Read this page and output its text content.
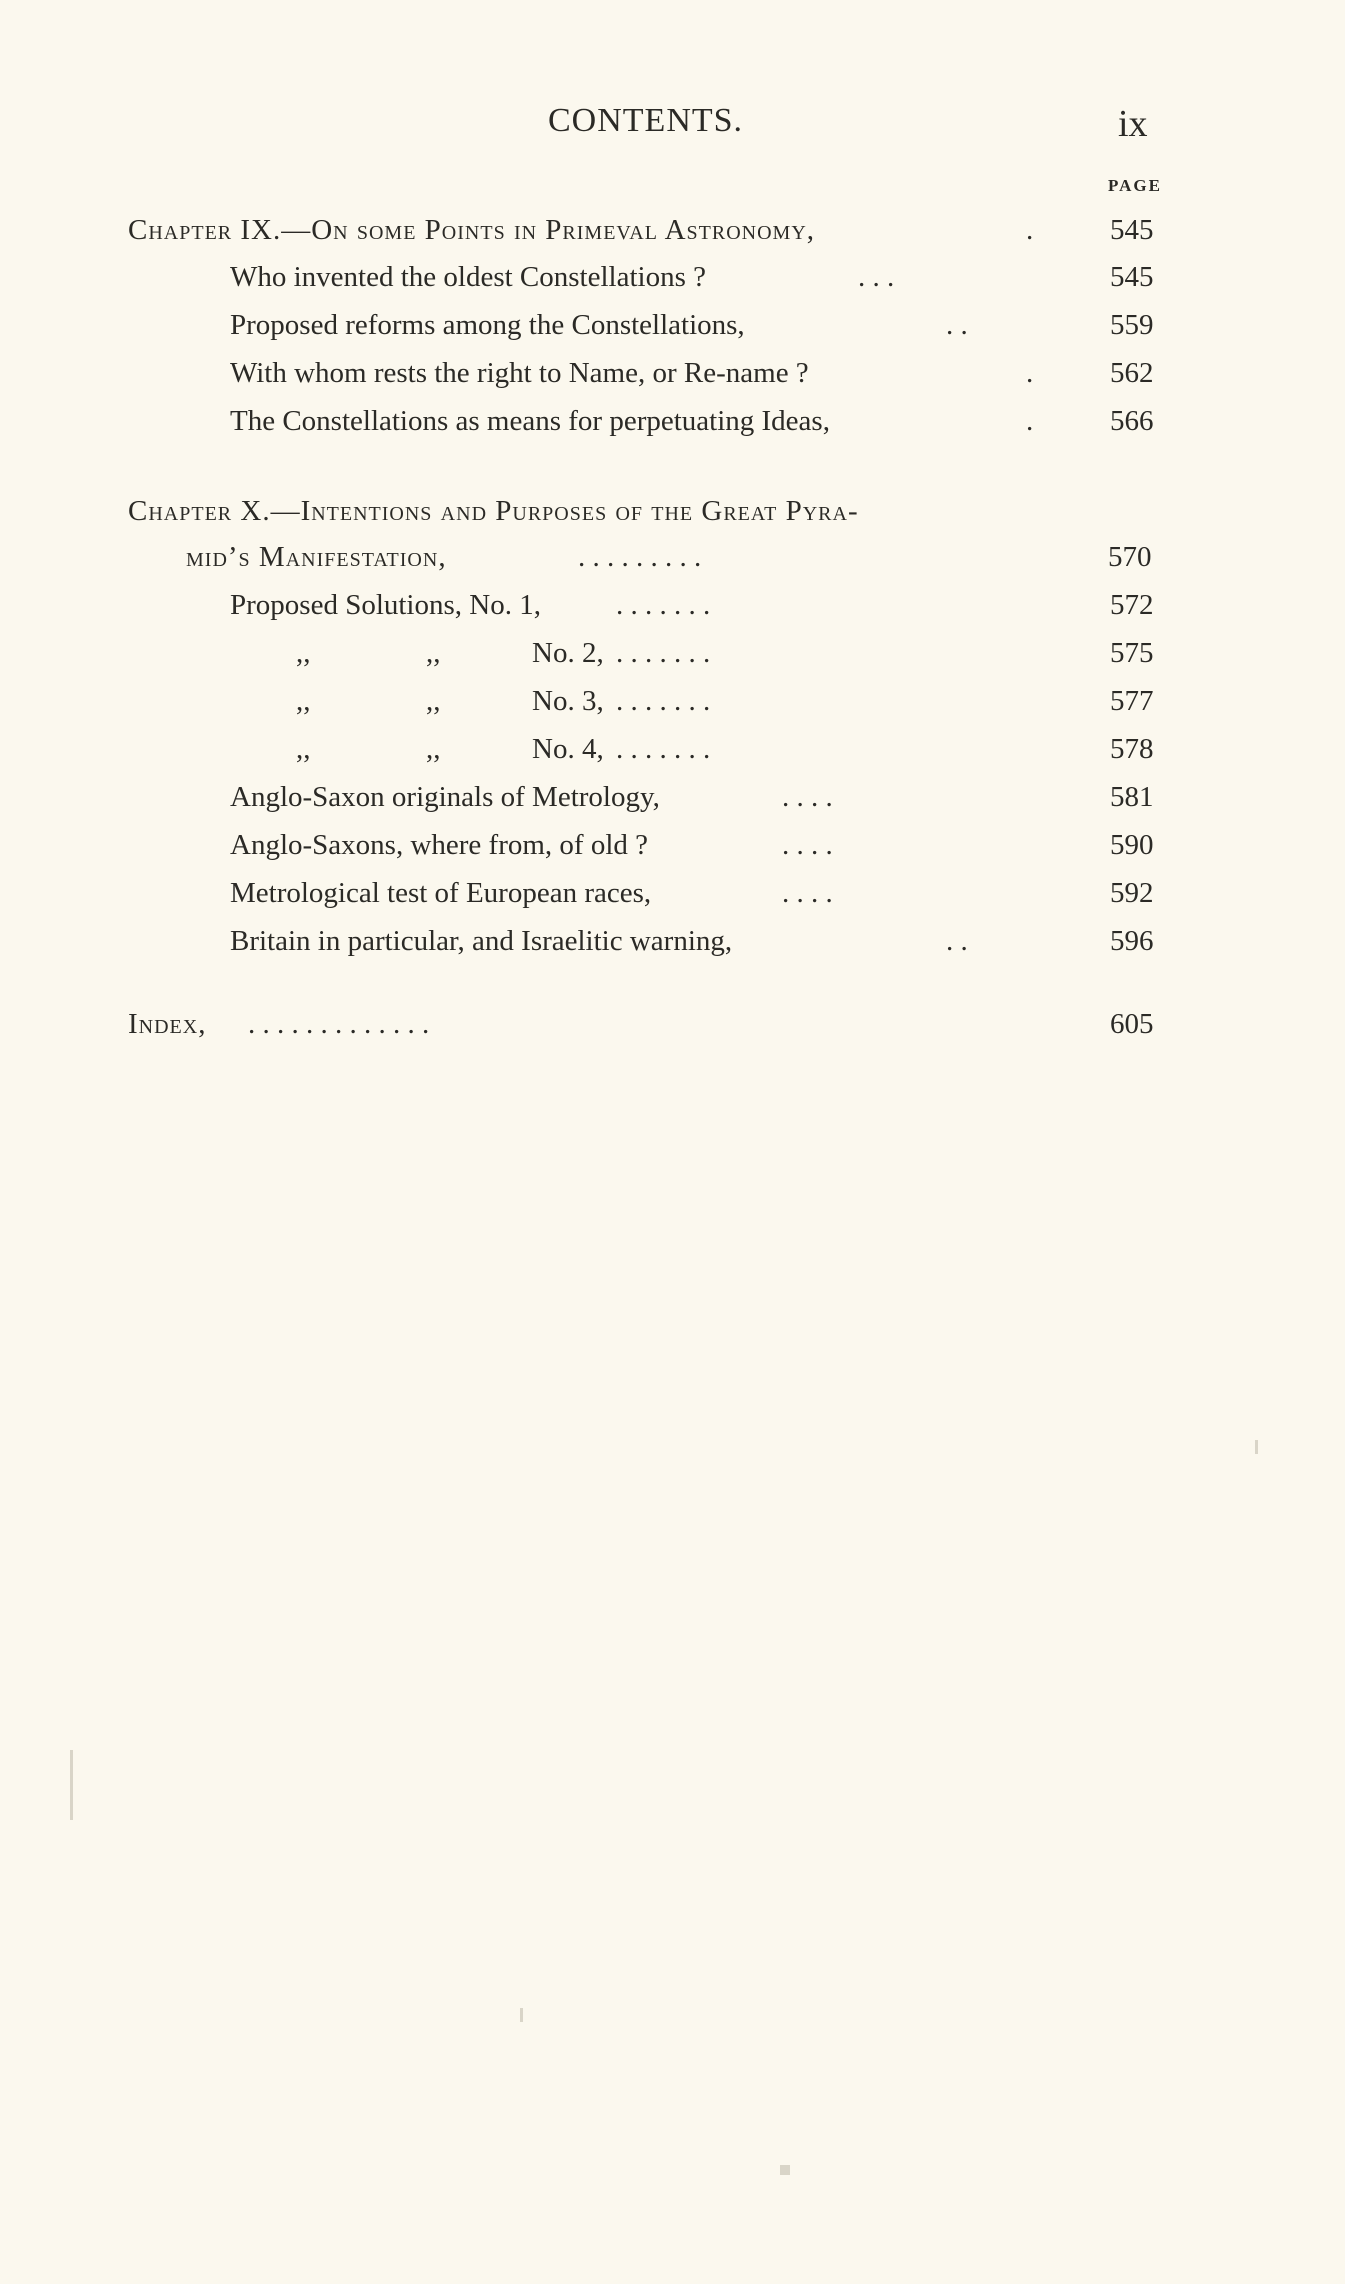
CONTENTS.	ix
PAGE
Chapter IX.—On some Points in Primeval Astronomy,	.	545
Who invented the oldest Constellations ?	. . .	545
Proposed reforms among the Constellations,	. .	559
With whom rests the right to Name, or Re-name ?	.	562
The Constellations as means for perpetuating Ideas,	.	566
Chapter X.—Intentions and Purposes of the Great Pyra-
mid’s Manifestation,	. . . . . . . . .	570
Proposed Solutions, No. 1,	. . . . . . .	572
,,	,,	No. 2, . . . . . . .	575
,,	,,	No. 3, . . . . . . .	577
,,	,,	No. 4, . . . . . . .	578
Anglo-Saxon originals of Metrology,	. . . .	581
Anglo-Saxons, where from, of old ?	. . . .	590
Metrological test of European races,	. . . .	592
Britain in particular, and Israelitic warning,	. .	596
Index, . . . . . . . . . . . . .	605
